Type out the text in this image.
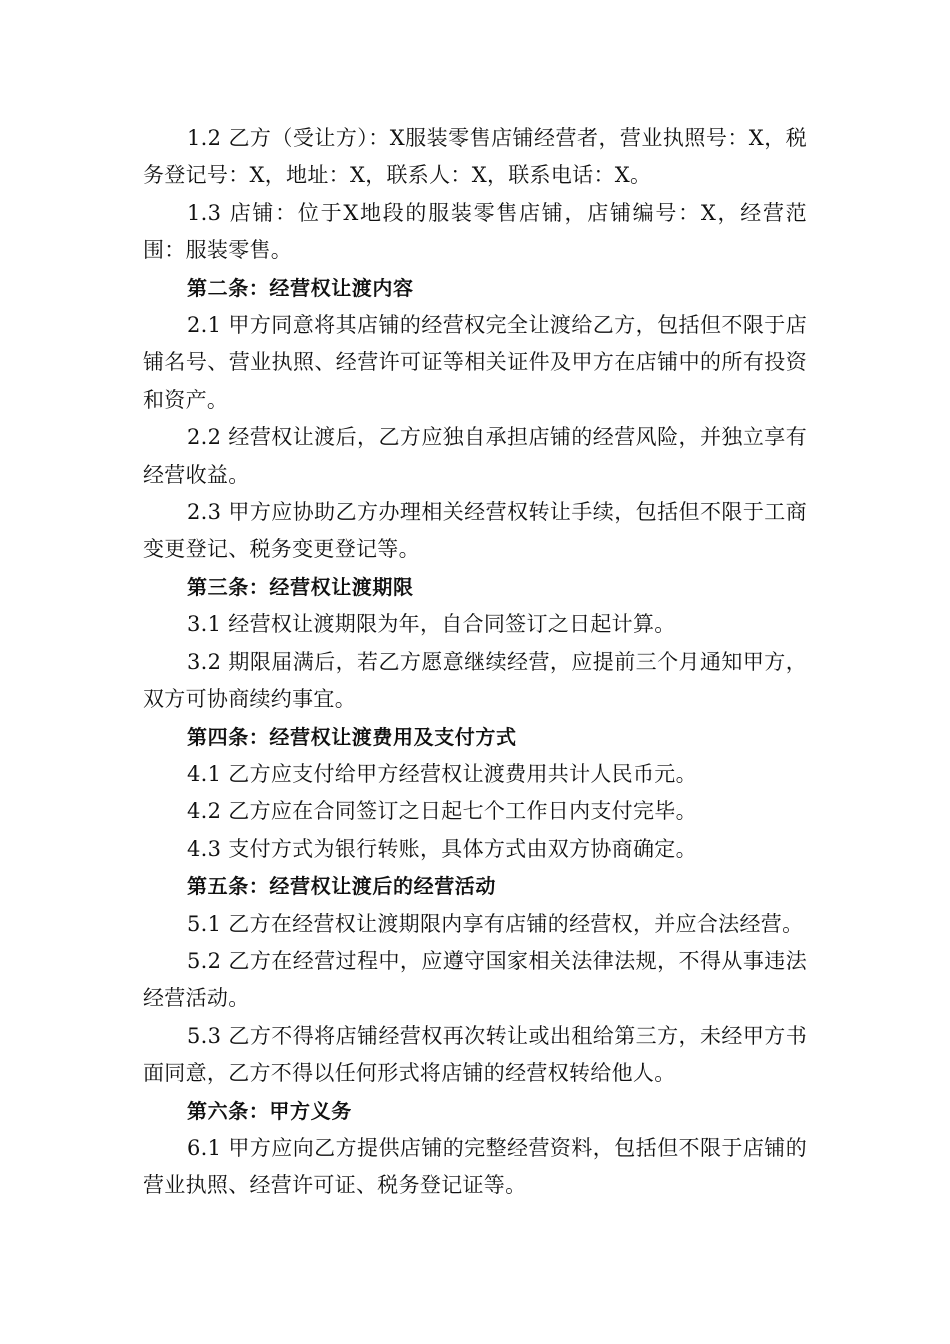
1.2 乙方（受让方）：X服装零售店铺经营者，营业执照号：X，税务登记号：X，地址：X，联系人：X，联系电话：X。

1.3 店铺：位于X地段的服装零售店铺，店铺编号：X，经营范围：服装零售。

第二条：经营权让渡内容

2.1 甲方同意将其店铺的经营权完全让渡给乙方，包括但不限于店铺名号、营业执照、经营许可证等相关证件及甲方在店铺中的所有投资和资产。

2.2 经营权让渡后，乙方应独自承担店铺的经营风险，并独立享有经营收益。

2.3 甲方应协助乙方办理相关经营权转让手续，包括但不限于工商变更登记、税务变更登记等。

第三条：经营权让渡期限

3.1 经营权让渡期限为年，自合同签订之日起计算。

3.2 期限届满后，若乙方愿意继续经营，应提前三个月通知甲方，双方可协商续约事宜。

第四条：经营权让渡费用及支付方式

4.1 乙方应支付给甲方经营权让渡费用共计人民币元。

4.2 乙方应在合同签订之日起七个工作日内支付完毕。

4.3 支付方式为银行转账，具体方式由双方协商确定。

第五条：经营权让渡后的经营活动

5.1 乙方在经营权让渡期限内享有店铺的经营权，并应合法经营。

5.2 乙方在经营过程中，应遵守国家相关法律法规，不得从事违法经营活动。

5.3 乙方不得将店铺经营权再次转让或出租给第三方，未经甲方书面同意，乙方不得以任何形式将店铺的经营权转给他人。

第六条：甲方义务

6.1 甲方应向乙方提供店铺的完整经营资料，包括但不限于店铺的营业执照、经营许可证、税务登记证等。
